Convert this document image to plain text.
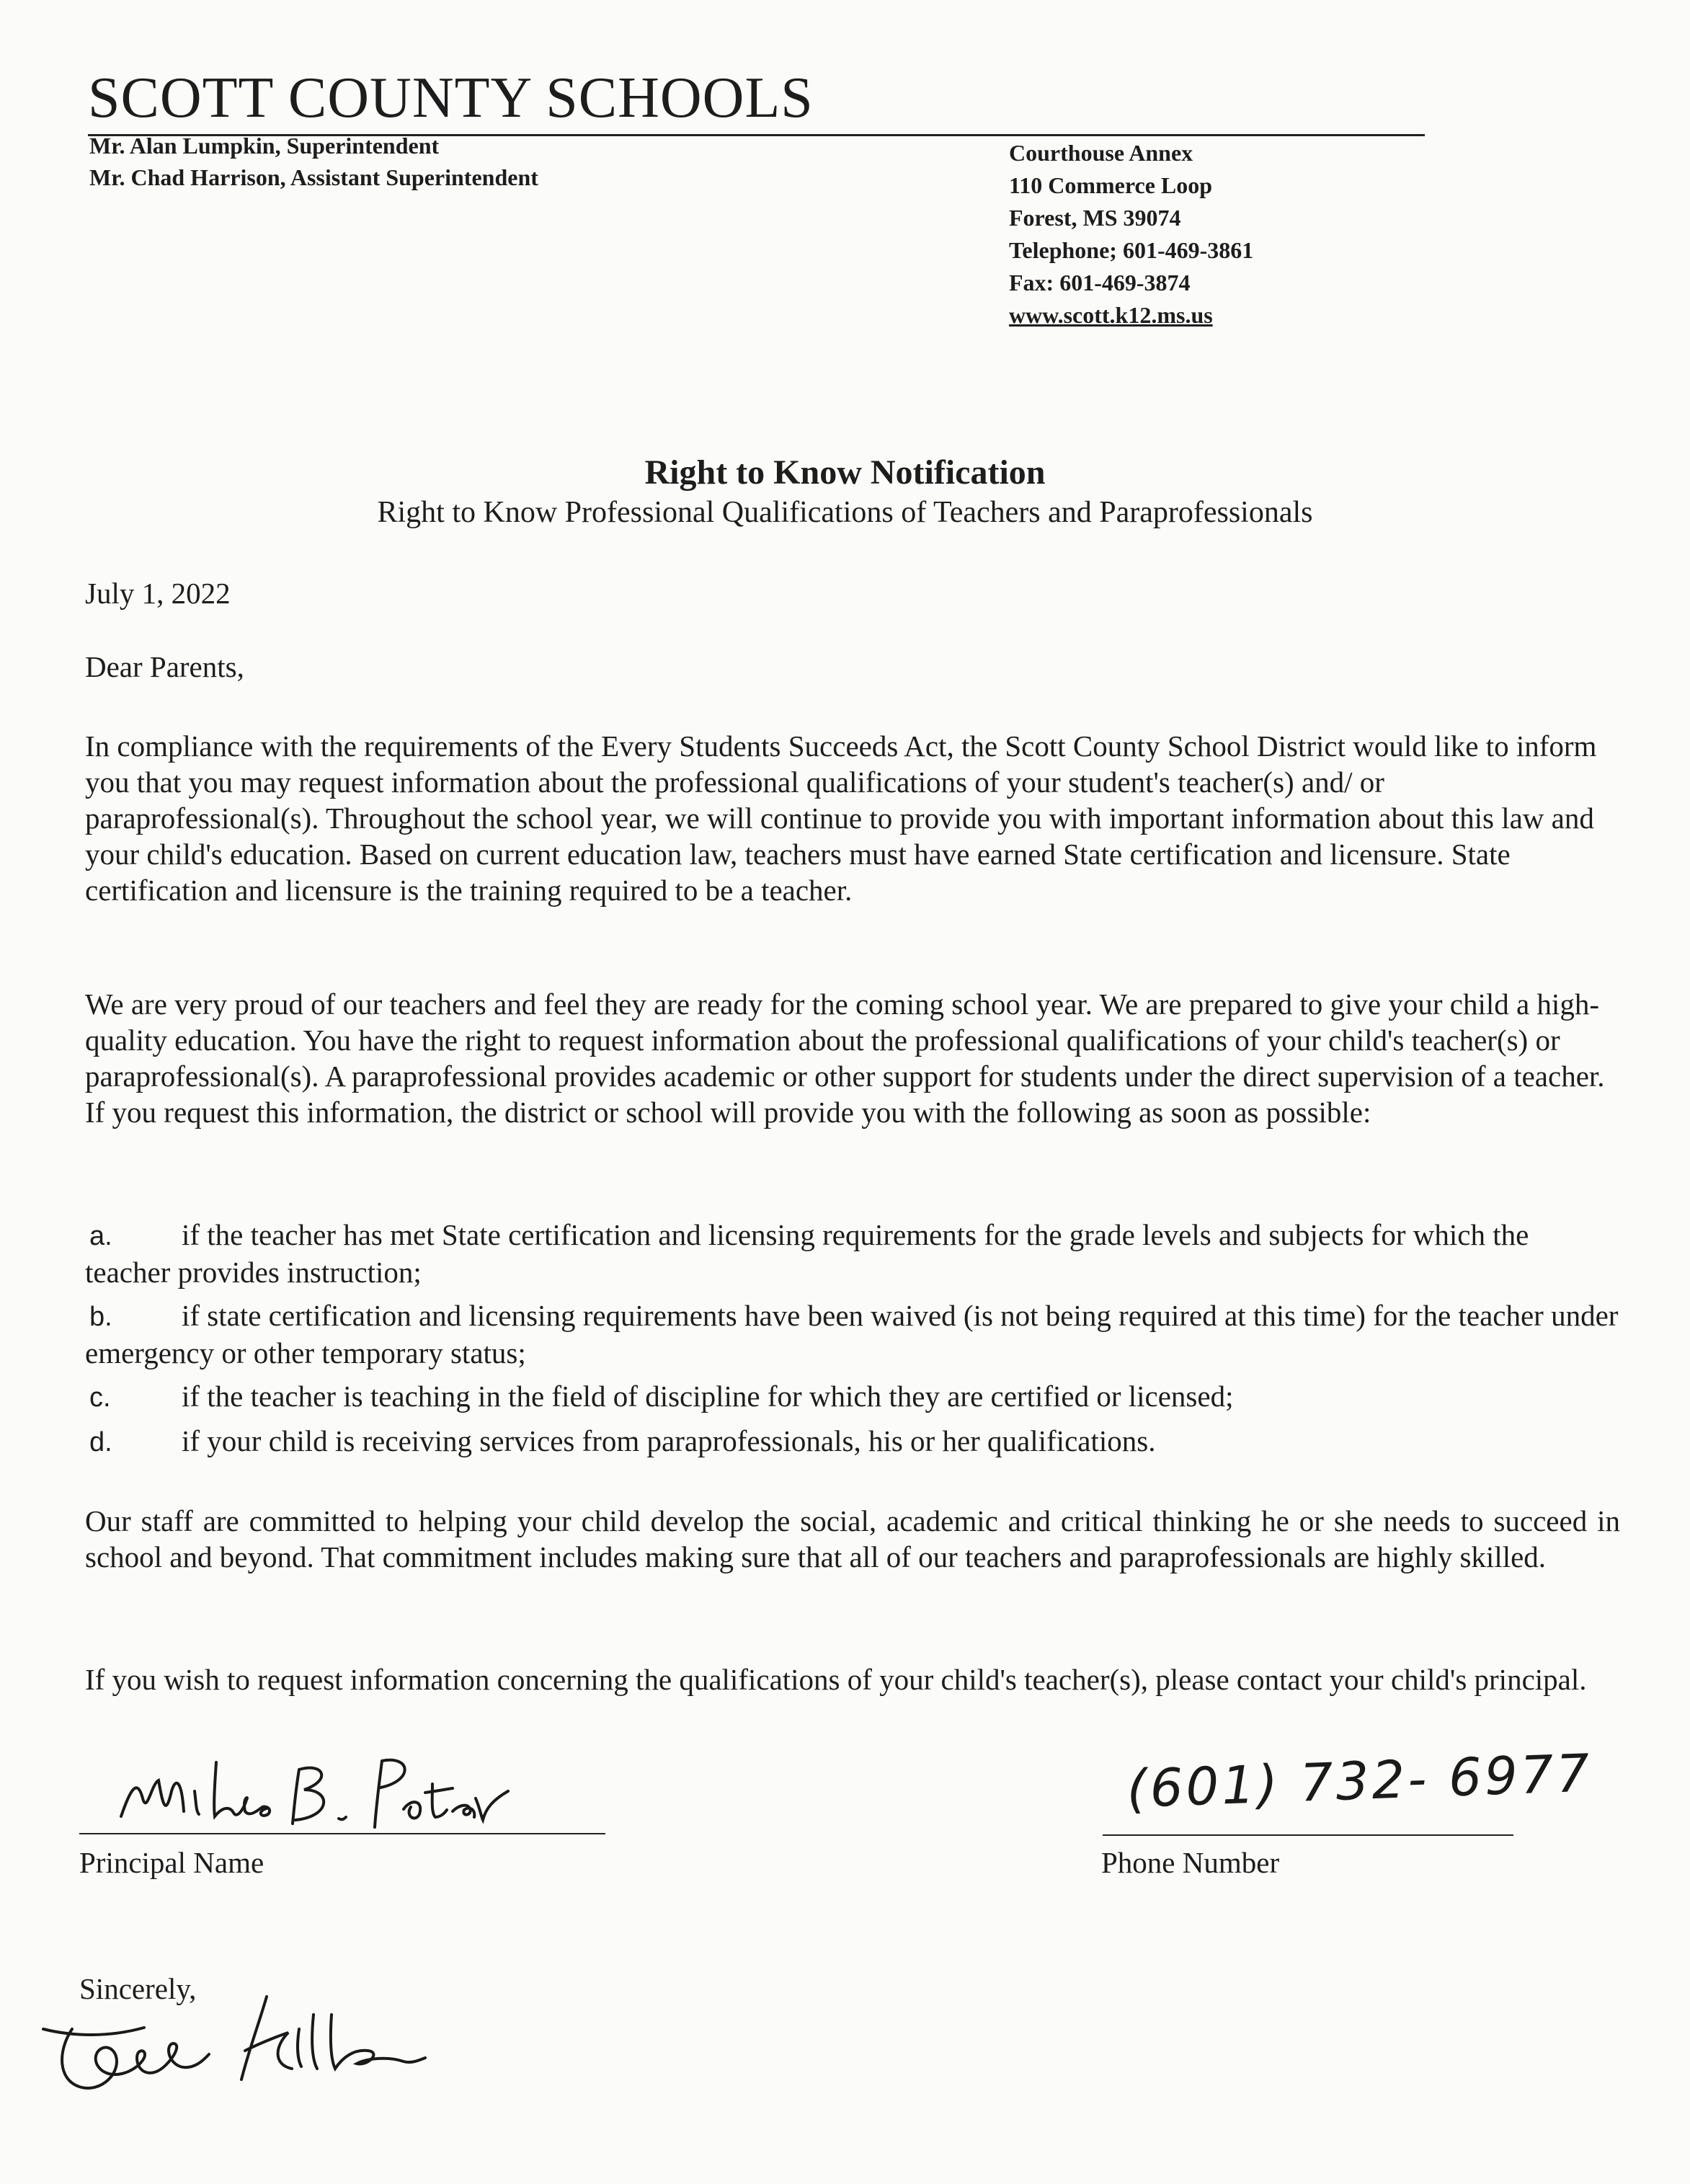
SCOTT COUNTY SCHOOLS
Mr. Alan Lumpkin, Superintendent
Mr. Chad Harrison, Assistant Superintendent
Courthouse Annex
110 Commerce Loop
Forest, MS 39074
Telephone; 601-469-3861
Fax: 601-469-3874
www.scott.k12.ms.us
Right to Know Notification
Right to Know Professional Qualifications of Teachers and Paraprofessionals
July 1, 2022
Dear Parents,
In compliance with the requirements of the Every Students Succeeds Act, the Scott County School District would like to inform you that you may request information about the professional qualifications of your student's teacher(s) and/ or paraprofessional(s). Throughout the school year, we will continue to provide you with important information about this law and your child's education. Based on current education law, teachers must have earned State certification and licensure. State certification and licensure is the training required to be a teacher.
We are very proud of our teachers and feel they are ready for the coming school year. We are prepared to give your child a high- quality education. You have the right to request information about the professional qualifications of your child's teacher(s) or paraprofessional(s). A paraprofessional provides academic or other support for students under the direct supervision of a teacher. If you request this information, the district or school will provide you with the following as soon as possible:
a. if the teacher has met State certification and licensing requirements for the grade levels and subjects for which the teacher provides instruction;
b. if state certification and licensing requirements have been waived (is not being required at this time) for the teacher under emergency or other temporary status;
c. if the teacher is teaching in the field of discipline for which they are certified or licensed;
d. if your child is receiving services from paraprofessionals, his or her qualifications.
Our staff are committed to helping your child develop the social, academic and critical thinking he or she needs to succeed in school and beyond. That commitment includes making sure that all of our teachers and paraprofessionals are highly skilled.
If you wish to request information concerning the qualifications of your child's teacher(s), please contact your child's principal.
Principal Name
(601) 732- 6977
Phone Number
Sincerely,
